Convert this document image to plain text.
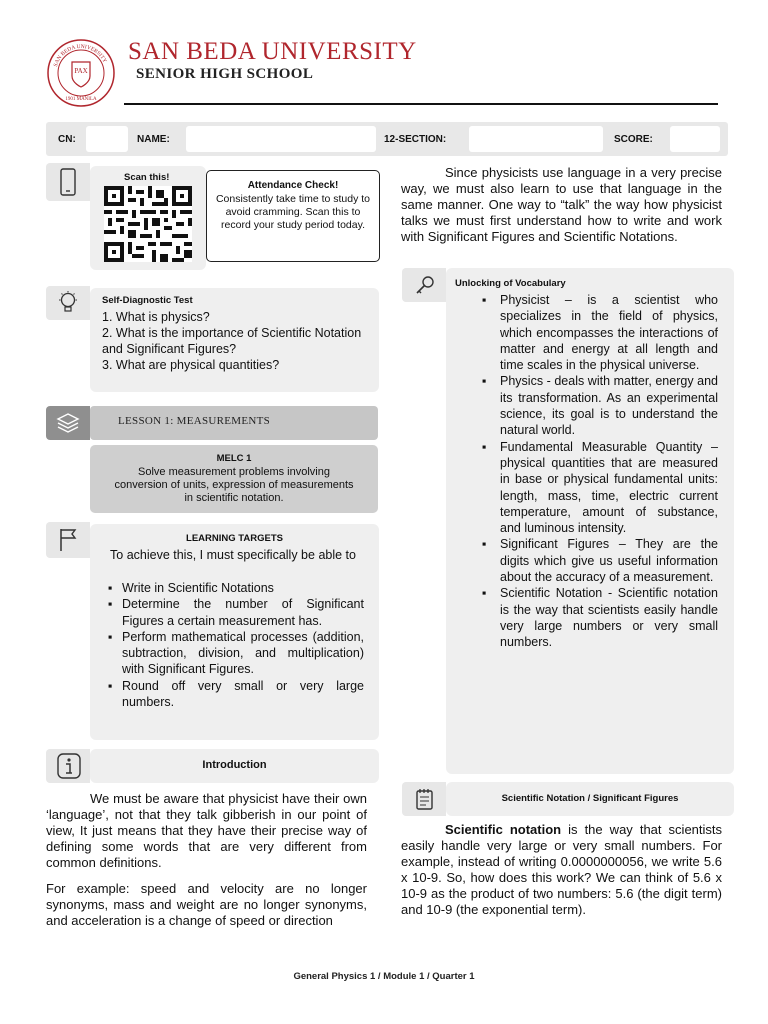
PAX
SAN BEDA UNIVERSITY
1901 MANILA
SAN BEDA UNIVERSITY
SENIOR HIGH SCHOOL
CN:	NAME:	12-SECTION:	SCORE:
Scan this!
Attendance Check!
Consistently take time to study to avoid cramming. Scan this to record your study period today.
Self-Diagnostic Test
1. What is physics?
2. What is the importance of Scientific Notation and Significant Figures?
3. What are physical quantities?
LESSON 1: MEASUREMENTS
MELC 1
Solve measurement problems involving conversion of units, expression of measurements in scientific notation.
LEARNING TARGETS
To achieve this, I must specifically be able to
▪ Write in Scientific Notations
▪ Determine the number of Significant Figures a certain measurement has.
▪ Perform mathematical processes (addition, subtraction, division, and multiplication) with Significant Figures.
▪ Round off very small or very large numbers.
Introduction
We must be aware that physicist have their own ‘language’, not that they talk gibberish in our point of view, It just means that they have their precise way of defining some words that are very different from common definitions.
For example: speed and velocity are no longer synonyms, mass and weight are no longer synonyms, and acceleration is a change of speed or direction
Since physicists use language in a very precise way, we must also learn to use that language in the same manner. One way to “talk” the way how physicist talks we must first understand how to write and work with Significant Figures and Scientific Notations.
Unlocking of Vocabulary
▪ Physicist – is a scientist who specializes in the field of physics, which encompasses the interactions of matter and energy at all length and time scales in the physical universe.
▪ Physics - deals with matter, energy and its transformation. As an experimental science, its goal is to understand the natural world.
▪ Fundamental Measurable Quantity – physical quantities that are measured in base or physical fundamental units: length, mass, time, electric current temperature, amount of substance, and luminous intensity.
▪ Significant Figures – They are the digits which give us useful information about the accuracy of a measurement.
▪ Scientific Notation - Scientific notation is the way that scientists easily handle very large numbers or very small numbers.
Scientific Notation / Significant Figures
Scientific notation is the way that scientists easily handle very large or very small numbers. For example, instead of writing 0.0000000056, we write 5.6 x 10-9. So, how does this work? We can think of 5.6 x 10-9 as the product of two numbers: 5.6 (the digit term) and 10-9 (the exponential term).
General Physics 1 / Module 1 / Quarter 1
